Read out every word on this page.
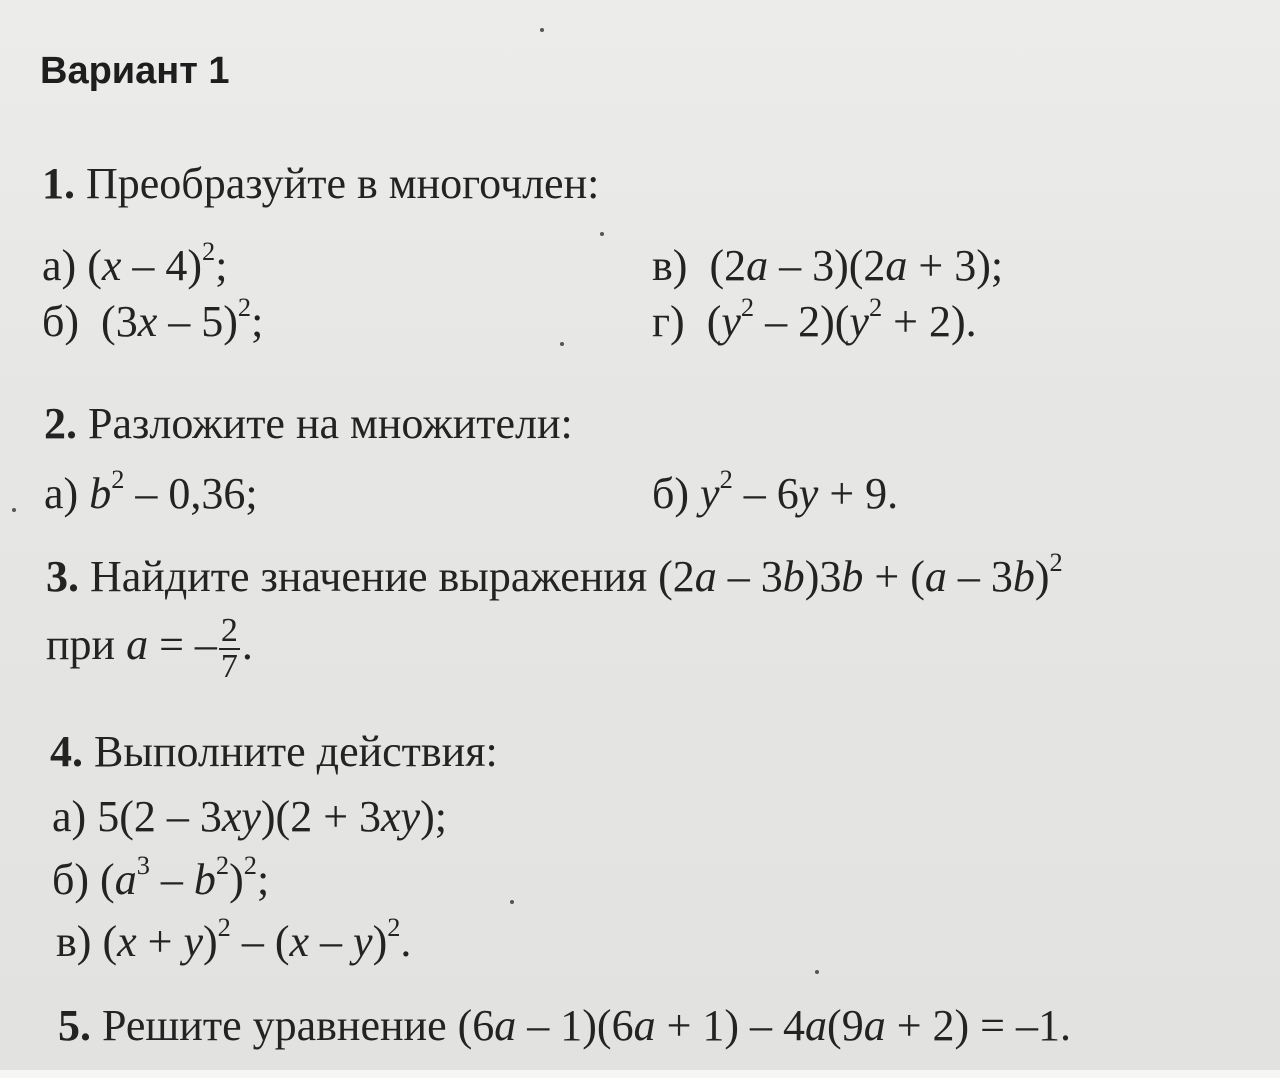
Вариант 1
1. Преобразуйте в многочлен:
а) (x – 4)$^2$;
б)  (3x – 5)$^2$;
в)  (2a – 3)(2a + 3);
г)  $(y^2 - 2)(y^2 + 2)$.
2. Разложите на множители:
а) $b^2 - 0,36$;	б) $y^2 - 6y + 9$.
3. Найдите значение выражения (2a – 3b)3b + (a – 3b)$^2$
при a = – $\frac{2}{7}$ .
4. Выполните действия:
а) 5(2 – 3xy)(2 + 3xy);
б) $(a^3 - b^2)^2$;
в) $(x + y)^2 - (x - y)^2$.
5. Решите уравнение (6a – 1)(6a + 1) – 4a(9a + 2) = –1.
